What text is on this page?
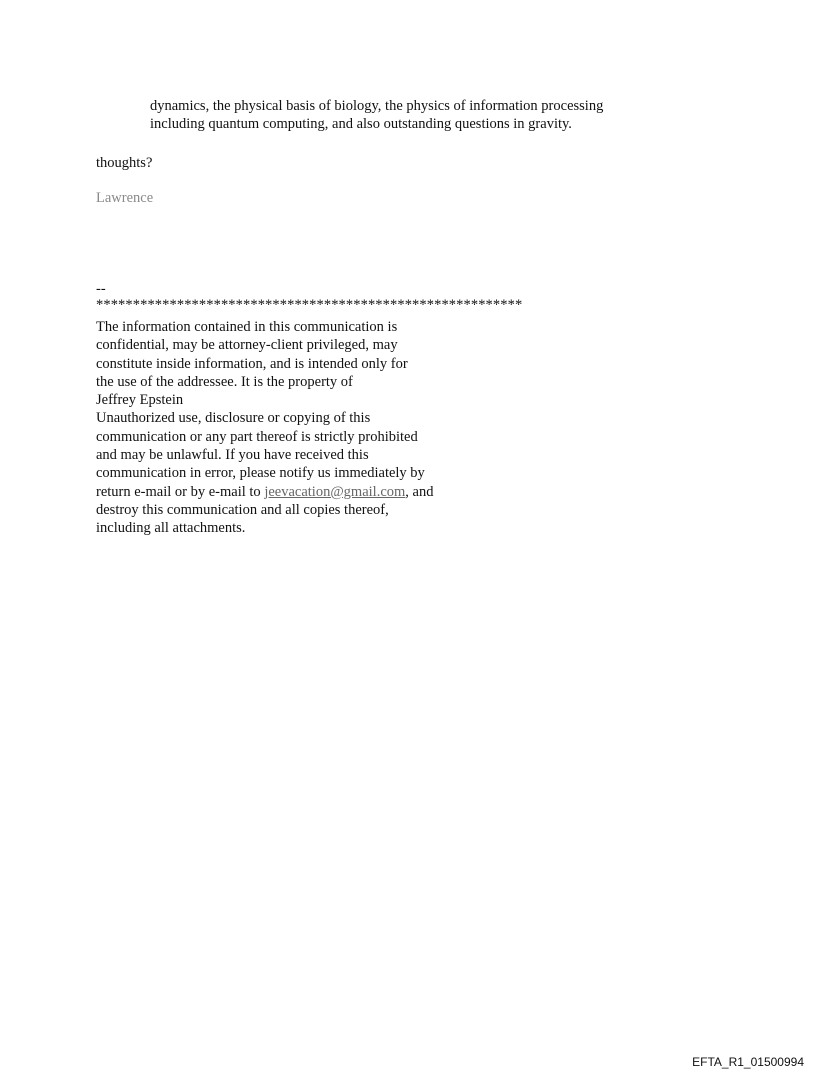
dynamics, the physical basis of biology, the physics of information processing
including quantum computing, and also outstanding questions in gravity.
thoughts?
Lawrence
--
**********************************************************
The information contained in this communication is
confidential, may be attorney-client privileged, may
constitute inside information, and is intended only for
the use of the addressee. It is the property of
Jeffrey Epstein
Unauthorized use, disclosure or copying of this
communication or any part thereof is strictly prohibited
and may be unlawful. If you have received this
communication in error, please notify us immediately by
return e-mail or by e-mail to jeevacation@gmail.com, and
destroy this communication and all copies thereof,
including all attachments.
EFTA_R1_01500994
